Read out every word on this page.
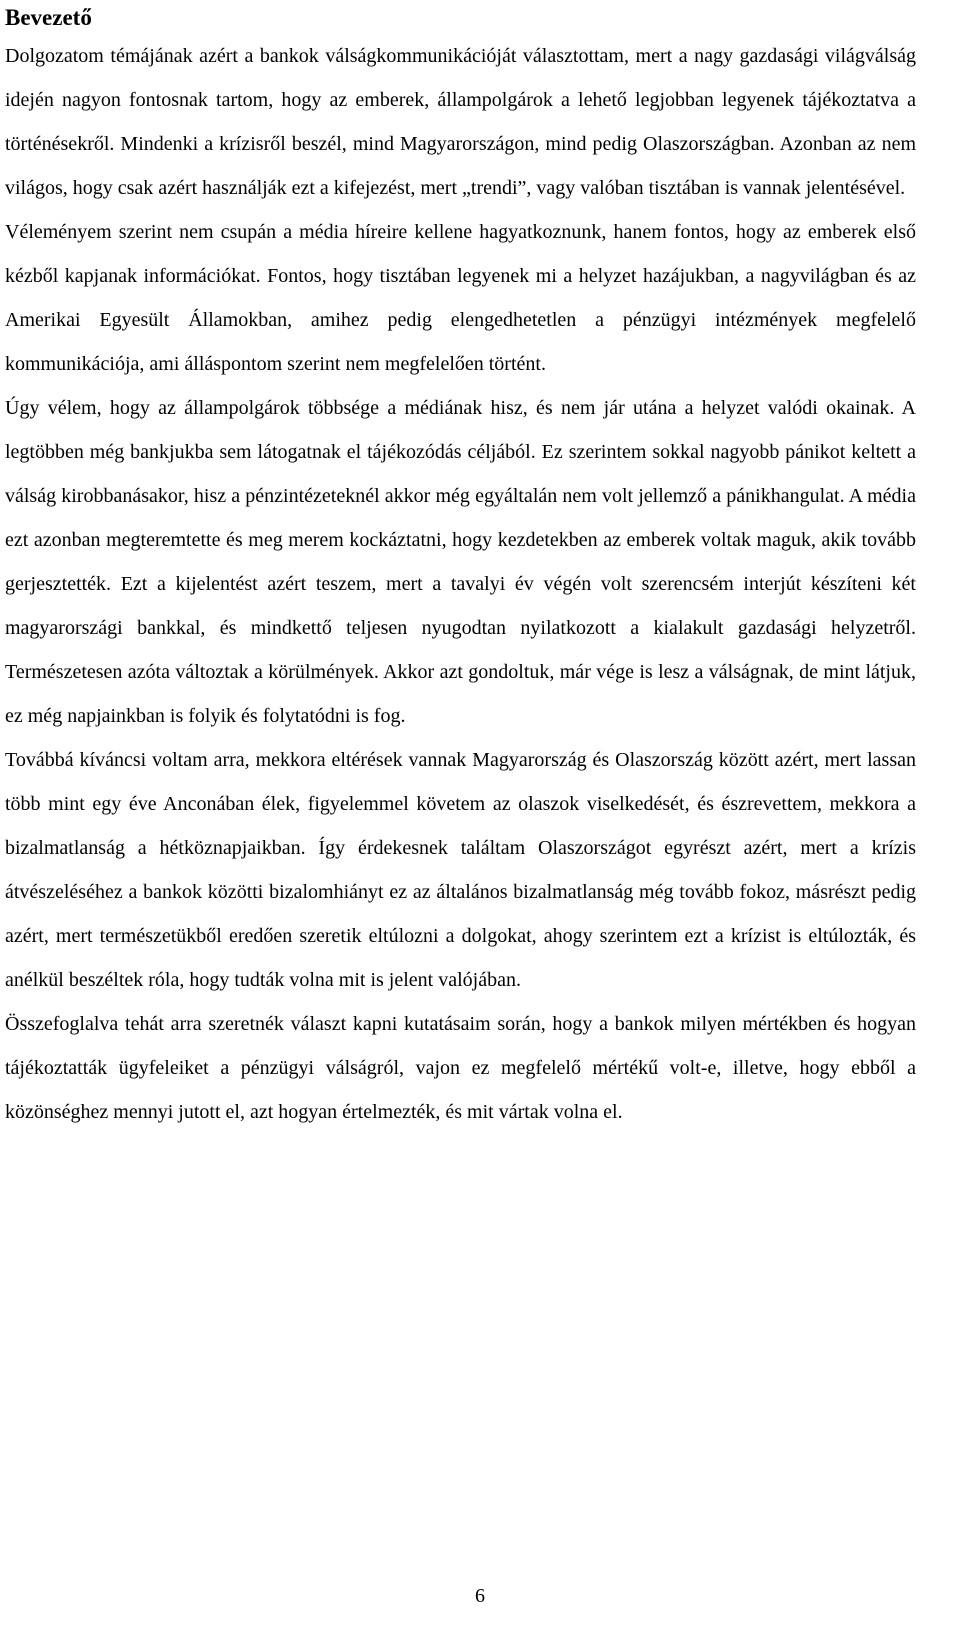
Bevezető

Dolgozatom témájának azért a bankok válságkommunikációját választottam, mert a nagy gazdasági világválság idején nagyon fontosnak tartom, hogy az emberek, állampolgárok a lehető legjobban legyenek tájékoztatva a történésekről. Mindenki a krízisről beszél, mind Magyarországon, mind pedig Olaszországban. Azonban az nem világos, hogy csak azért használják ezt a kifejezést, mert „trendi”, vagy valóban tisztában is vannak jelentésével.

Véleményem szerint nem csupán a média híreire kellene hagyatkoznunk, hanem fontos, hogy az emberek első kézből kapjanak információkat. Fontos, hogy tisztában legyenek mi a helyzet hazájukban, a nagyvilágban és az Amerikai Egyesült Államokban, amihez pedig elengedhetetlen a pénzügyi intézmények megfelelő kommunikációja, ami álláspontom szerint nem megfelelően történt.

Úgy vélem, hogy az állampolgárok többsége a médiának hisz, és nem jár utána a helyzet valódi okainak. A legtöbben még bankjukba sem látogatnak el tájékozódás céljából. Ez szerintem sokkal nagyobb pánikot keltett a válság kirobbanásakor, hisz a pénzintézeteknél akkor még egyáltalán nem volt jellemző a pánikhangulat. A média ezt azonban megteremtette és meg merem kockáztatni, hogy kezdetekben az emberek voltak maguk, akik tovább gerjesztették. Ezt a kijelentést azért teszem, mert a tavalyi év végén volt szerencsém interjút készíteni két magyarországi bankkal, és mindkettő teljesen nyugodtan nyilatkozott a kialakult gazdasági helyzetről. Természetesen azóta változtak a körülmények. Akkor azt gondoltuk, már vége is lesz a válságnak, de mint látjuk, ez még napjainkban is folyik és folytatódni is fog.

Továbbá kíváncsi voltam arra, mekkora eltérések vannak Magyarország és Olaszország között azért, mert lassan több mint egy éve Anconában élek, figyelemmel követem az olaszok viselkedését, és észrevettem, mekkora a bizalmatlanság a hétköznapjaikban. Így érdekesnek találtam Olaszországot egyrészt azért, mert a krízis átvészeléséhez a bankok közötti bizalomhiányt ez az általános bizalmatlanság még tovább fokoz, másrészt pedig azért, mert természetükből eredően szeretik eltúlozni a dolgokat, ahogy szerintem ezt a krízist is eltúlozták, és anélkül beszéltek róla, hogy tudták volna mit is jelent valójában.

Összefoglalva tehát arra szeretnék választ kapni kutatásaim során, hogy a bankok milyen mértékben és hogyan tájékoztatták ügyfeleiket a pénzügyi válságról, vajon ez megfelelő mértékű volt-e, illetve, hogy ebből a közönséghez mennyi jutott el, azt hogyan értelmezték, és mit vártak volna el.

6
